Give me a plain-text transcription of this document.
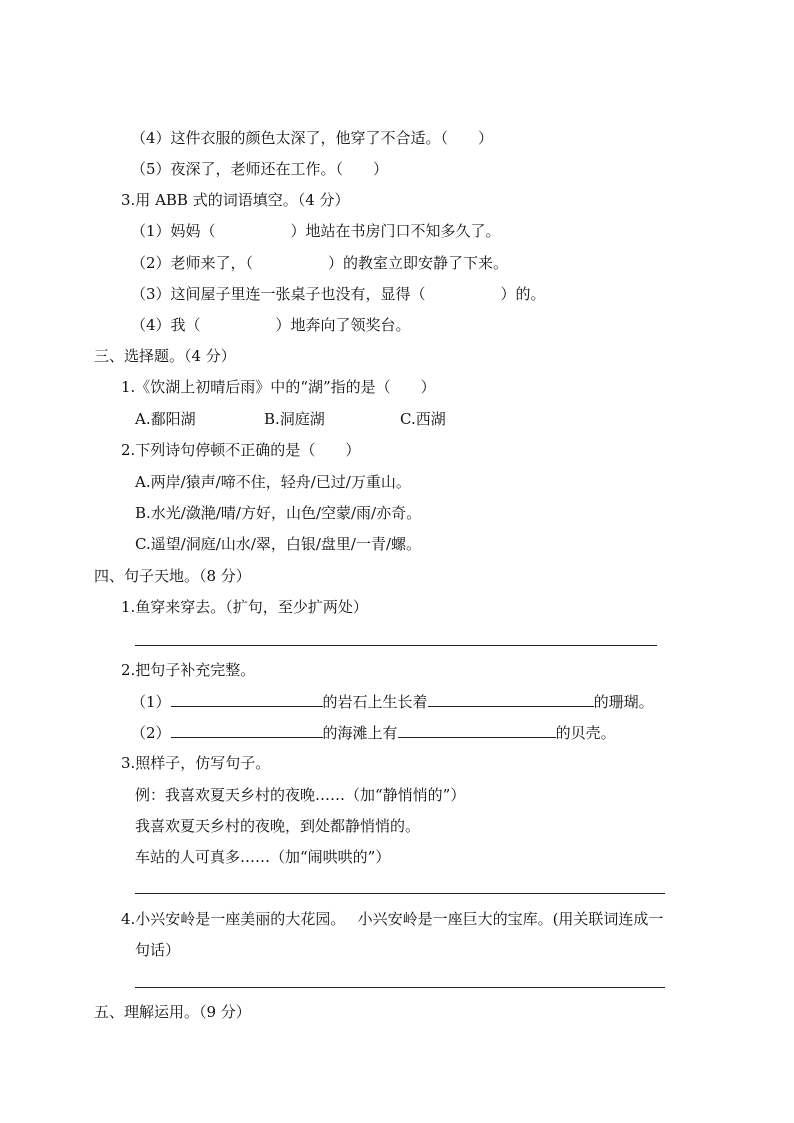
（4）这件衣服的颜色太深了，他穿了不合适。（　　）
（5）夜深了，老师还在工作。（　　）
3.用 ABB 式的词语填空。（4 分）
（1）妈妈（　　　　　）地站在书房门口不知多久了。
（2）老师来了，（　　　　　）的教室立即安静了下来。
（3）这间屋子里连一张桌子也没有，显得（　　　　　）的。
（4）我（　　　　　）地奔向了领奖台。
三、选择题。（4 分）
1.《饮湖上初晴后雨》中的“湖”指的是（　　）
A.鄱阳湖	B.洞庭湖	C.西湖
2.下列诗句停顿不正确的是（　　）
A.两岸/猿声/啼不住，轻舟/已过/万重山。
B.水光/潋滟/晴/方好，山色/空蒙/雨/亦奇。
C.遥望/洞庭/山水/翠，白银/盘里/一青/螺。
四、句子天地。（8 分）
1.鱼穿来穿去。（扩句，至少扩两处）
2.把句子补充完整。
（1）	的岩石上生长着	的珊瑚。
（2）	的海滩上有	的贝壳。
3.照样子，仿写句子。
例：我喜欢夏天乡村的夜晚……（加“静悄悄的”）
我喜欢夏天乡村的夜晚，到处都静悄悄的。
车站的人可真多……（加“闹哄哄的”）
4.小兴安岭是一座美丽的大花园。　 小兴安岭是一座巨大的宝库。(用关联词连成一
句话）
五、理解运用。（9 分）
